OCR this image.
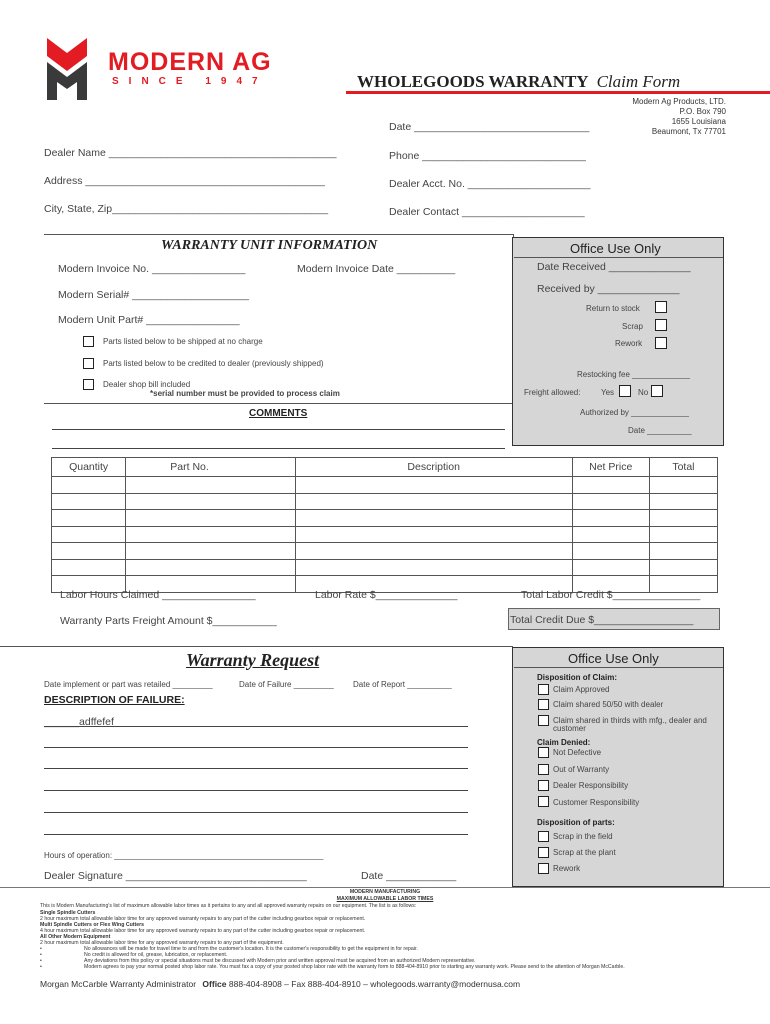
MODERN AG
SINCE 1947	WHOLEGOODS WARRANTY Claim Form
Modern Ag Products, LTD.
P.O. Box 790
1655 Louisiana
Beaumont, Tx 77701
Date ______________________________
Dealer Name _______________________________________
Address _________________________________________
City, State, Zip_____________________________________
Phone ____________________________
Dealer Acct. No. _____________________
Dealer Contact _____________________
WARRANTY UNIT INFORMATION
Modern Invoice No. ________________	Modern Invoice Date __________
Modern Serial# ____________________
Modern Unit Part# ________________
Parts listed below to be shipped at no charge
Parts listed below to be credited to dealer (previously shipped)
Dealer shop bill included
*serial number must be provided to process claim
COMMENTS
Office Use Only
Date Received ______________
Received by ______________
Return to stock
Scrap
Rework
Restocking fee _____________
Freight allowed:	Yes	No
Authorized by _____________
Date __________
Quantity	Part No.	Description	Net Price	Total

Labor Hours Claimed ________________	Labor Rate $______________	Total Labor Credit $_______________
Warranty Parts Freight Amount $___________	Total Credit Due $_________________
Warranty Request
Date implement or part was retailed _________	Date of Failure _________ Date of Report __________
DESCRIPTION OF FAILURE:
______adffefef
Hours of operation: _______________________________________________
Dealer Signature _______________________________	Date ____________
Office Use Only
Disposition of Claim:
Claim Approved
Claim shared 50/50 with dealer
Claim shared in thirds with mfg., dealer and
customer
Claim Denied:
Not Defective
Out of Warranty
Dealer Responsibility
Customer Responsibility
Disposition of parts:
Scrap in the field
Scrap at the plant
Rework
MODERN MANUFACTURING
MAXIMUM ALLOWABLE LABOR TIMES
This is Modern Manufacturing's list of maximum allowable labor times as it pertains to any and all approved warranty repairs on our equipment. The list is as follows:
Single Spindle Cutters
2 hour maximum total allowable labor time for any approved warranty repairs to any part of the cutter including gearbox repair or replacement.
Multi Spindle Cutters or Flex Wing Cutters
4 hour maximum total allowable labor time for any approved warranty repairs to any part of the cutter including gearbox repair or replacement.
All Other Modern Equipment
2 hour maximum total allowable labor time for any approved warranty repairs to any part of the equipment.
•	No allowances will be made for travel time to and from the customer's location. It is the customer's responsibility to get the equipment in for repair.
•	No credit is allowed for oil, grease, lubrication, or replacement.
•	Any deviations from this policy or special situations must be discussed with Modern prior and written approval must be acquired from an authorized Modern representative.
•	Modern agrees to pay your normal posted shop labor rate. You must fax a copy of your posted shop labor rate with the warranty form to 888-404-8910 prior to starting any warranty work. Please send to the attention of Morgan McCarble.
Morgan McCarble Warranty Administrator Office 888-404-8908 – Fax 888-404-8910 – wholegoods.warranty@modernusa.com
